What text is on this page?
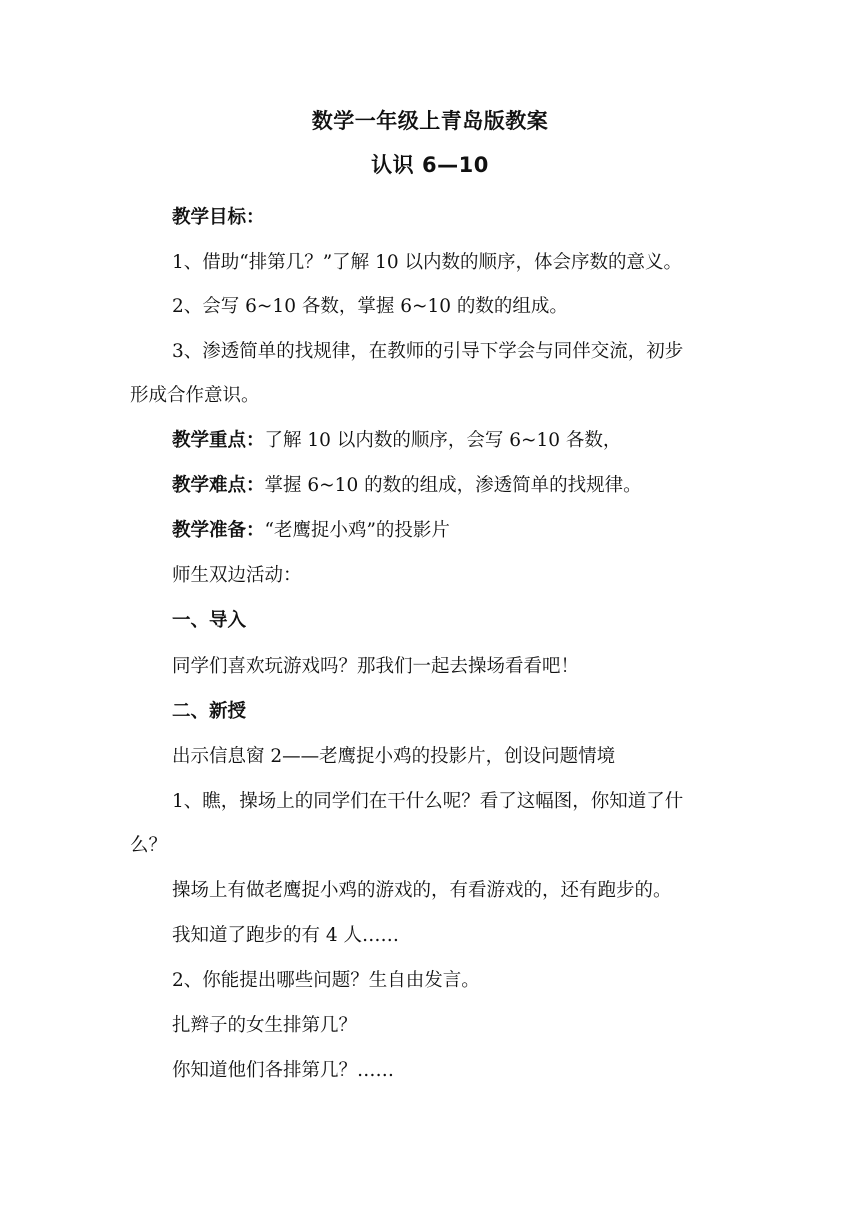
数学一年级上青岛版教案
认识 6—10
教学目标：
1、借助“排第几？”了解 10 以内数的顺序，体会序数的意义。
2、会写 6~10 各数，掌握 6~10 的数的组成。
3、渗透简单的找规律，在教师的引导下学会与同伴交流，初步
形成合作意识。
教学重点：了解 10 以内数的顺序，会写 6~10 各数，
教学难点：掌握 6~10 的数的组成，渗透简单的找规律。
教学准备：“老鹰捉小鸡”的投影片
师生双边活动：
一、导入
同学们喜欢玩游戏吗？那我们一起去操场看看吧！
二、新授
出示信息窗 2——老鹰捉小鸡的投影片，创设问题情境
1、瞧，操场上的同学们在干什么呢？看了这幅图，你知道了什
么？
操场上有做老鹰捉小鸡的游戏的，有看游戏的，还有跑步的。
我知道了跑步的有 4 人……
2、你能提出哪些问题？生自由发言。
扎辫子的女生排第几？
你知道他们各排第几？……
